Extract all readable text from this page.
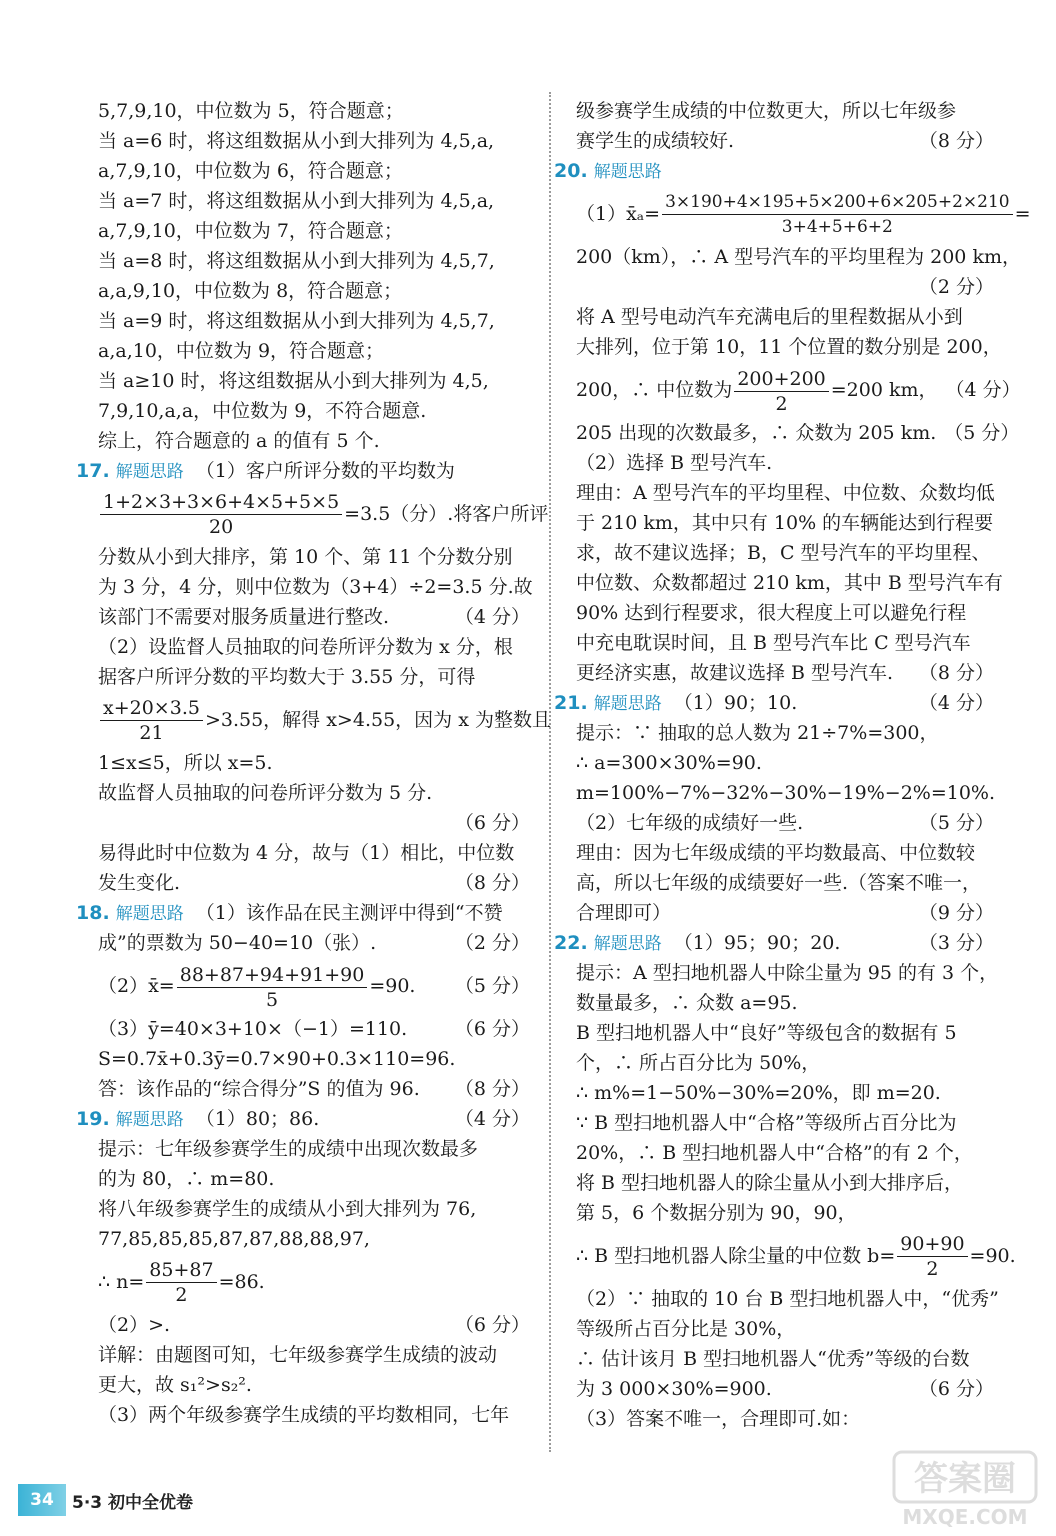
5,7,9,10，中位数为 5，符合题意；
当 a=6 时，将这组数据从小到大排列为 4,5,a,
a,7,9,10，中位数为 6，符合题意；
当 a=7 时，将这组数据从小到大排列为 4,5,a,
a,7,9,10，中位数为 7，符合题意；
当 a=8 时，将这组数据从小到大排列为 4,5,7,
a,a,9,10，中位数为 8，符合题意；
当 a=9 时，将这组数据从小到大排列为 4,5,7,
a,a,10，中位数为 9，符合题意；
当 a≥10 时，将这组数据从小到大排列为 4,5,
7,9,10,a,a，中位数为 9，不符合题意.
综上，符合题意的 a 的值有 5 个.
17. 解题思路 （1）客户所评分数的平均数为
$\frac{1+2\times 3+3\times 6+4\times 5+5\times 5}{20} =3.5$（分）.将客户所评
分数从小到大排序，第 10 个、第 11 个分数分别
为 3 分，4 分，则中位数为（3+4）÷2=3.5 分.故
该部门不需要对服务质量进行整改.	（4 分）
（2）设监督人员抽取的问卷所评分数为 x 分，根
据客户所评分数的平均数大于 3.55 分，可得
$\frac{x+20\times 3.5}{21} >3.55$，解得 x>4.55，因为 x 为整数且
1≤x≤5，所以 x=5.
故监督人员抽取的问卷所评分数为 5 分.
（6 分）
易得此时中位数为 4 分，故与（1）相比，中位数
发生变化.	（8 分）
18. 解题思路 （1）该作品在民主测评中得到“不赞
成”的票数为 50−40=10（张）.	（2 分）
（2）x̄= $\frac{88+87+94+91+90}{5} =90$.	（5 分）
（3）ȳ=40×3+10×（−1）=110.	（6 分）
S=0.7x̄+0.3ȳ=0.7×90+0.3×110=96.
答：该作品的“综合得分”S 的值为 96.	（8 分）
19. 解题思路 （1）80；86.	（4 分）
提示：七年级参赛学生的成绩中出现次数最多
的为 80，∴ m=80.
将八年级参赛学生的成绩从小到大排列为 76,
77,85,85,85,87,87,88,88,97,
∴ $n= \frac{85+87}{2} =86$.
（2）>.	（6 分）
详解：由题图可知，七年级参赛学生成绩的波动
更大，故 s₁²>s₂².
（3）两个年级参赛学生成绩的平均数相同，七年
级参赛学生成绩的中位数更大，所以七年级参
赛学生的成绩较好.	（8 分）
20. 解题思路
（1）x̄ₐ= $\frac{3\times 190+4\times 195+5\times 200+6\times 205+2\times 210}{3+4+5+6+2}$ =
200（km），∴ A 型号汽车的平均里程为 200 km，
（2 分）
将 A 型号电动汽车充满电后的里程数据从小到
大排列，位于第 10，11 个位置的数分别是 200，
200，∴ 中位数为 $\frac{200+200}{2} =200$ km， （4 分）
205 出现的次数最多，∴ 众数为 205 km. （5 分）
（2）选择 B 型号汽车.
理由：A 型号汽车的平均里程、中位数、众数均低
于 210 km，其中只有 10% 的车辆能达到行程要
求，故不建议选择；B，C 型号汽车的平均里程、
中位数、众数都超过 210 km，其中 B 型号汽车有
90% 达到行程要求，很大程度上可以避免行程
中充电耽误时间，且 B 型号汽车比 C 型号汽车
更经济实惠，故建议选择 B 型号汽车.	（8 分）
21. 解题思路 （1）90；10.	（4 分）
提示：∵ 抽取的总人数为 21÷7%=300，
∴ a=300×30%=90.
m=100%−7%−32%−30%−19%−2%=10%.
（2）七年级的成绩好一些.	（5 分）
理由：因为七年级成绩的平均数最高、中位数较
高，所以七年级的成绩要好一些.（答案不唯一，
合理即可）	（9 分）
22. 解题思路 （1）95；90；20.	（3 分）
提示：A 型扫地机器人中除尘量为 95 的有 3 个，
数量最多，∴ 众数 a=95.
B 型扫地机器人中“良好”等级包含的数据有 5
个，∴ 所占百分比为 50%，
∴ m%=1−50%−30%=20%，即 m=20.
∵ B 型扫地机器人中“合格”等级所占百分比为
20%，∴ B 型扫地机器人中“合格”的有 2 个，
将 B 型扫地机器人的除尘量从小到大排序后，
第 5，6 个数据分别为 90，90，
∴ B 型扫地机器人除尘量的中位数 $b= \frac{90+90}{2} =90$.
（2）∵ 抽取的 10 台 B 型扫地机器人中，“优秀”
等级所占百分比是 30%，
∴ 估计该月 B 型扫地机器人“优秀”等级的台数
为 3 000×30%=900.	（6 分）
（3）答案不唯一，合理即可.如：
34	5·3 初中全优卷
答案圈
MXQE.COM
